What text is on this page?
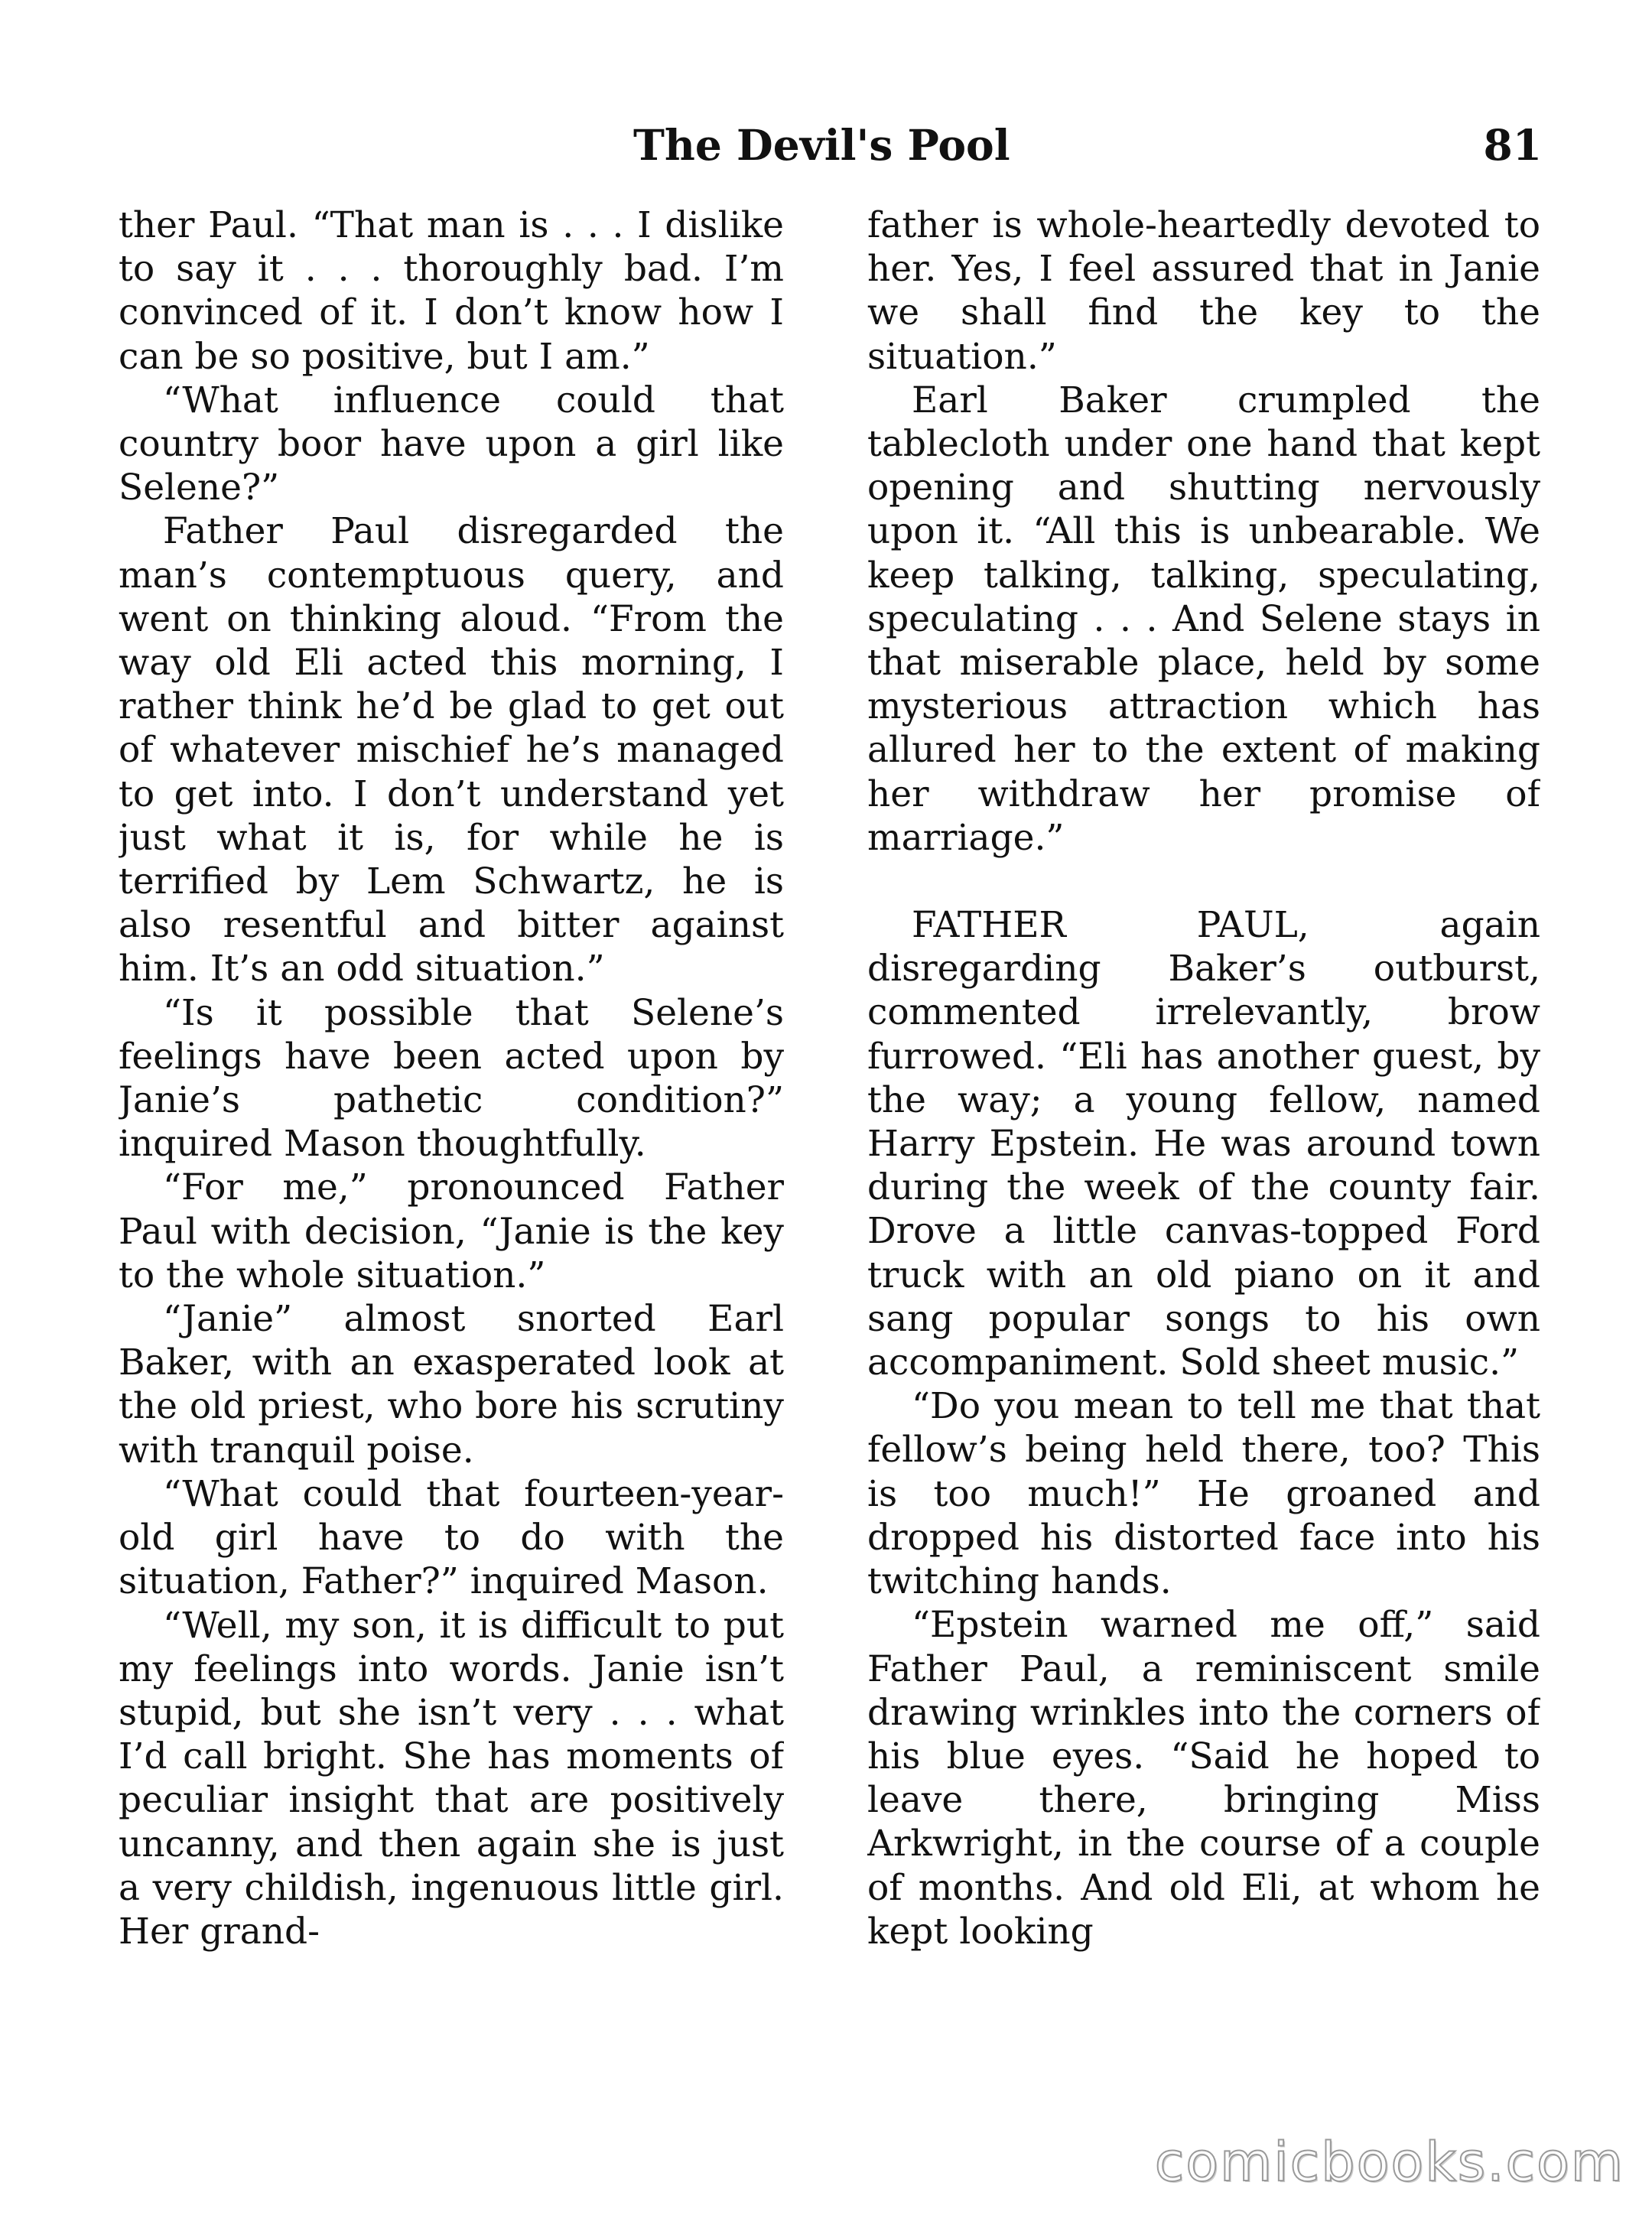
The Devil's Pool	81

ther Paul. “That man is . . . I dislike to say it . . . thoroughly bad. I’m convinced of it. I don’t know how I can be so positive, but I am.”

“What influence could that country boor have upon a girl like Selene?”

Father Paul disregarded the man’s contemptuous query, and went on thinking aloud. “From the way old Eli acted this morning, I rather think he’d be glad to get out of whatever mischief he’s managed to get into. I don’t understand yet just what it is, for while he is terrified by Lem Schwartz, he is also resentful and bitter against him. It’s an odd situation.”

“Is it possible that Selene’s feelings have been acted upon by Janie’s pathetic condition?” inquired Mason thoughtfully.

“For me,” pronounced Father Paul with decision, “Janie is the key to the whole situation.”

“Janie” almost snorted Earl Baker, with an exasperated look at the old priest, who bore his scrutiny with tranquil poise.

“What could that fourteen-year-old girl have to do with the situation, Father?” inquired Mason.

“Well, my son, it is difficult to put my feelings into words. Janie isn’t stupid, but she isn’t very . . . what I’d call bright. She has moments of peculiar insight that are positively uncanny, and then again she is just a very childish, ingenuous little girl. Her grand-

father is whole-heartedly devoted to her. Yes, I feel assured that in Janie we shall find the key to the situation.”

Earl Baker crumpled the tablecloth under one hand that kept opening and shutting nervously upon it. “All this is unbearable. We keep talking, talking, speculating, speculating . . . And Selene stays in that miserable place, held by some mysterious attraction which has allured her to the extent of making her withdraw her promise of marriage.”

FATHER PAUL, again disregarding Baker’s outburst, commented irrelevantly, brow furrowed. “Eli has another guest, by the way; a young fellow, named Harry Epstein. He was around town during the week of the county fair. Drove a little canvas-topped Ford truck with an old piano on it and sang popular songs to his own accompaniment. Sold sheet music.”

“Do you mean to tell me that that fellow’s being held there, too? This is too much!” He groaned and dropped his distorted face into his twitching hands.

“Epstein warned me off,” said Father Paul, a reminiscent smile drawing wrinkles into the corners of his blue eyes. “Said he hoped to leave there, bringing Miss Arkwright, in the course of a couple of months. And old Eli, at whom he kept looking

comicbooks.com
